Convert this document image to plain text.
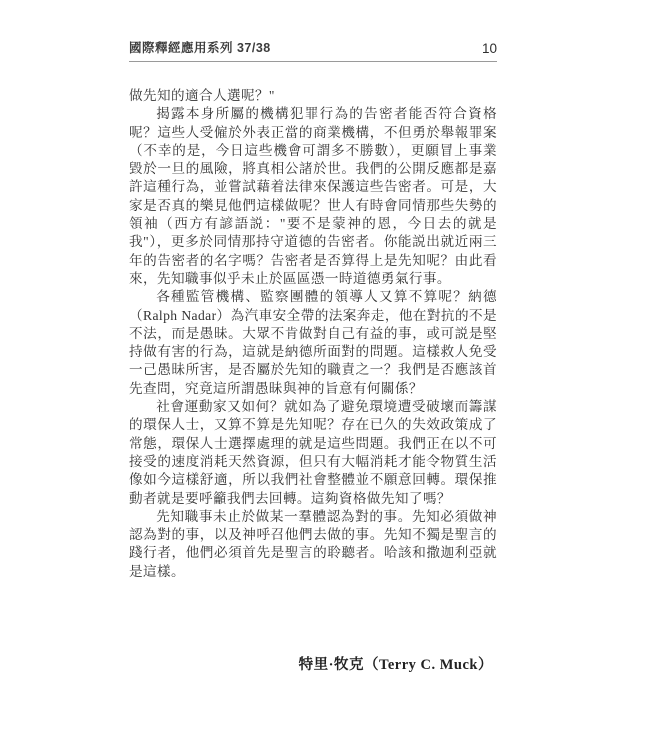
國際釋經應用系列 37/38	10

做先知的適合人選呢？"

揭露本身所屬的機構犯罪行為的告密者能否符合資格呢？這些人受僱於外表正當的商業機構，不但勇於舉報罪案（不幸的是，今日這些機會可謂多不勝數），更願冒上事業毀於一旦的風險，將真相公諸於世。我們的公開反應都是嘉許這種行為，並嘗試藉着法律來保護這些告密者。可是，大家是否真的樂見他們這樣做呢？世人有時會同情那些失勢的領袖（西方有諺語説："要不是蒙神的恩，今日去的就是我"），更多於同情那持守道德的告密者。你能説出就近兩三年的告密者的名字嗎？告密者是否算得上是先知呢？由此看來，先知職事似乎未止於區區憑一時道德勇氣行事。

各種監管機構、監察團體的領導人又算不算呢？納德（Ralph Nadar）為汽車安全帶的法案奔走，他在對抗的不是不法，而是愚昧。大眾不肯做對自己有益的事，或可説是堅持做有害的行為，這就是納德所面對的問題。這樣救人免受一己愚昧所害，是否屬於先知的職責之一？我們是否應該首先查問，究竟這所謂愚昧與神的旨意有何關係？

社會運動家又如何？就如為了避免環境遭受破壞而籌謀的環保人士，又算不算是先知呢？存在已久的失效政策成了常態，環保人士選擇處理的就是這些問題。我們正在以不可接受的速度消耗天然資源，但只有大幅消耗才能令物質生活像如今這樣舒適，所以我們社會整體並不願意回轉。環保推動者就是要呼籲我們去回轉。這夠資格做先知了嗎？

先知職事未止於做某一羣體認為對的事。先知必須做神認為對的事，以及神呼召他們去做的事。先知不獨是聖言的踐行者，他們必須首先是聖言的聆聽者。哈該和撒迦利亞就是這樣。

特里·牧克（Terry C. Muck）
